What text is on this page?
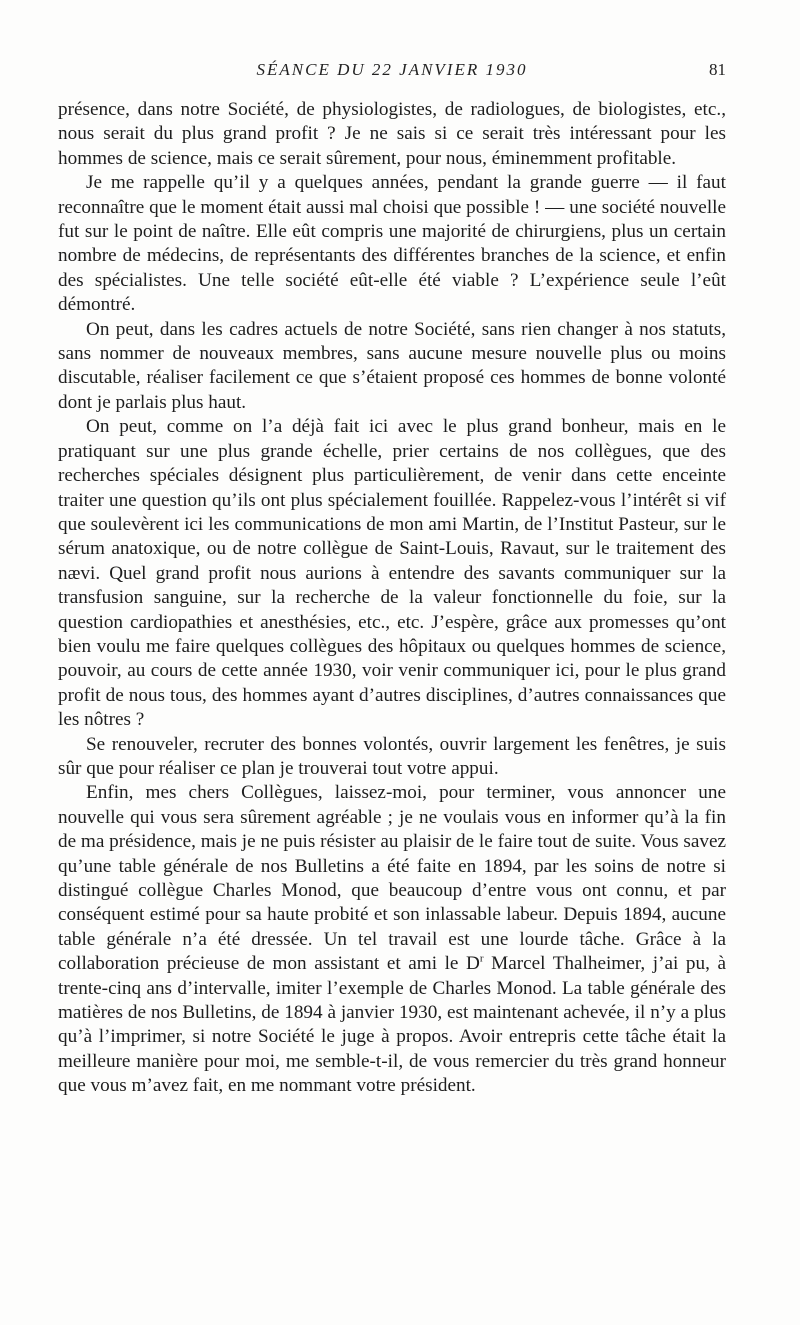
SÉANCE DU 22 JANVIER 1930	81

présence, dans notre Société, de physiologistes, de radiologues, de biologistes, etc., nous serait du plus grand profit ? Je ne sais si ce serait très intéressant pour les hommes de science, mais ce serait sûrement, pour nous, éminemment profitable.

Je me rappelle qu’il y a quelques années, pendant la grande guerre — il faut reconnaître que le moment était aussi mal choisi que possible ! — une société nouvelle fut sur le point de naître. Elle eût compris une majorité de chirurgiens, plus un certain nombre de médecins, de représentants des différentes branches de la science, et enfin des spécialistes. Une telle société eût-elle été viable ? L’expérience seule l’eût démontré.

On peut, dans les cadres actuels de notre Société, sans rien changer à nos statuts, sans nommer de nouveaux membres, sans aucune mesure nouvelle plus ou moins discutable, réaliser facilement ce que s’étaient proposé ces hommes de bonne volonté dont je parlais plus haut.

On peut, comme on l’a déjà fait ici avec le plus grand bonheur, mais en le pratiquant sur une plus grande échelle, prier certains de nos collègues, que des recherches spéciales désignent plus particulièrement, de venir dans cette enceinte traiter une question qu’ils ont plus spécialement fouillée. Rappelez-vous l’intérêt si vif que soulevèrent ici les communications de mon ami Martin, de l’Institut Pasteur, sur le sérum anatoxique, ou de notre collègue de Saint-Louis, Ravaut, sur le traitement des nævi. Quel grand profit nous aurions à entendre des savants communiquer sur la transfusion sanguine, sur la recherche de la valeur fonctionnelle du foie, sur la question cardiopathies et anesthésies, etc., etc. J’espère, grâce aux promesses qu’ont bien voulu me faire quelques collègues des hôpitaux ou quelques hommes de science, pouvoir, au cours de cette année 1930, voir venir communiquer ici, pour le plus grand profit de nous tous, des hommes ayant d’autres disciplines, d’autres connaissances que les nôtres ?

Se renouveler, recruter des bonnes volontés, ouvrir largement les fenêtres, je suis sûr que pour réaliser ce plan je trouverai tout votre appui.

Enfin, mes chers Collègues, laissez-moi, pour terminer, vous annoncer une nouvelle qui vous sera sûrement agréable ; je ne voulais vous en informer qu’à la fin de ma présidence, mais je ne puis résister au plaisir de le faire tout de suite. Vous savez qu’une table générale de nos Bulletins a été faite en 1894, par les soins de notre si distingué collègue Charles Monod, que beaucoup d’entre vous ont connu, et par conséquent estimé pour sa haute probité et son inlassable labeur. Depuis 1894, aucune table générale n’a été dressée. Un tel travail est une lourde tâche. Grâce à la collaboration précieuse de mon assistant et ami le $D^r$ Marcel Thalheimer, j’ai pu, à trente-cinq ans d’intervalle, imiter l’exemple de Charles Monod. La table générale des matières de nos Bulletins, de 1894 à janvier 1930, est maintenant achevée, il n’y a plus qu’à l’imprimer, si notre Société le juge à propos. Avoir entrepris cette tâche était la meilleure manière pour moi, me semble-t-il, de vous remercier du très grand honneur que vous m’avez fait, en me nommant votre président.
